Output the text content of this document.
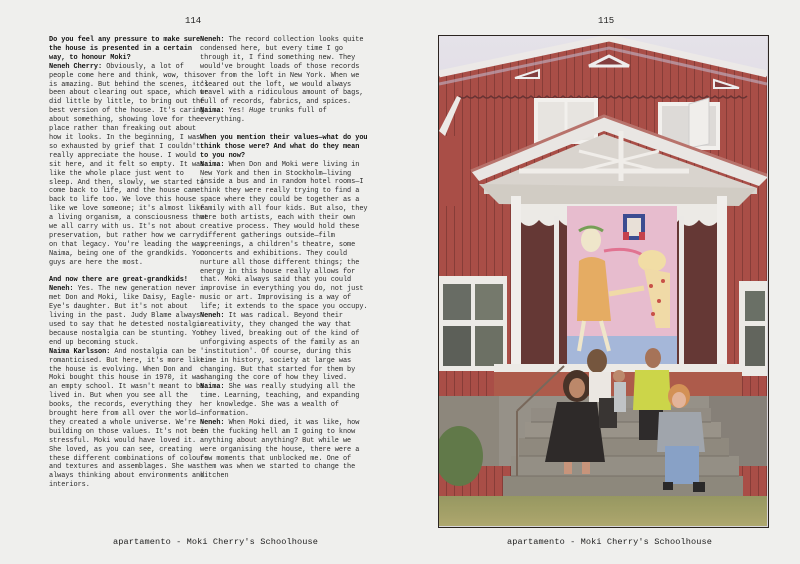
114	115

Do you feel any pressure to make sure the house is presented in a certain way, to honour Moki?

Neneh Cherry: Obviously, a lot of people come here and think, wow, this is amazing. But behind the scenes, it's been about clearing out space, which we did little by little, to bring out the best version of the house. It's caring about something, showing love for the place rather than freaking out about how it looks. In the beginning, I was so exhausted by grief that I couldn't really appreciate the house. I would sit here, and it felt so empty. It was like the whole place just went to sleep. And then, slowly, we started to come back to life, and the house came back to life too. We love this house like we love someone; it's almost like a living organism, a consciousness that we all carry with us. It's not about preservation, but rather how we carry on that legacy. You're leading the way, Naima, being one of the grandkids. You guys are here the most.

And now there are great-grandkids!

Neneh: Yes. The new generation never met Don and Moki, like Daisy, Eagle-Eye's daughter. But it's not about living in the past. Judy Blame always used to say that he detested nostalgia because nostalgia can be stunting. You end up becoming stuck.

Naima Karlsson: And nostalgia can be romanticised. But here, it's more like the house is evolving. When Don and Moki bought this house in 1970, it was an empty school. It wasn't meant to be lived in. But when you see all the books, the records, everything they brought here from all over the world—they created a whole universe. We're building on those values. It's not been stressful. Moki would have loved it. She loved, as you can see, creating these different combinations of colours and textures and assemblages. She was always thinking about environments and interiors.

Neneh: The record collection looks quite condensed here, but every time I go through it, I find something new. They would've brought loads of those records over from the loft in New York. When we cleared out the loft, we would always travel with a ridiculous amount of bags, full of records, fabrics, and spices.

Naima: Yes! Huge trunks full of everything.

When you mention their values—what do you think those were? And what do they mean to you now?

Naima: When Don and Moki were living in New York and then in Stockholm—living inside a bus and in random hotel rooms—I think they were really trying to find a space where they could be together as a family with all four kids. But also, they were both artists, each with their own creative process. They would hold these different gatherings outside—film screenings, a children's theatre, some concerts and exhibitions. They could nurture all those different things; the energy in this house really allows for that. Moki always said that you could improvise in everything you do, not just music or art. Improvising is a way of life; it extends to the space you occupy.

Neneh: It was radical. Beyond their creativity, they changed the way that they lived, breaking out of the kind of unforgiving aspects of the family as an 'institution'. Of course, during this time in history, society at large was changing. But that started for them by changing the core of how they lived.

Naima: She was really studying all the time. Learning, teaching, and expanding her knowledge. She was a wealth of information.

Neneh: When Moki died, it was like, how in the fucking hell am I going to know anything about anything? But while we were organising the house, there were a few moments that unblocked me. One of them was when we started to change the kitchen

apartamento - Moki Cherry's Schoolhouse	apartamento - Moki Cherry's Schoolhouse
